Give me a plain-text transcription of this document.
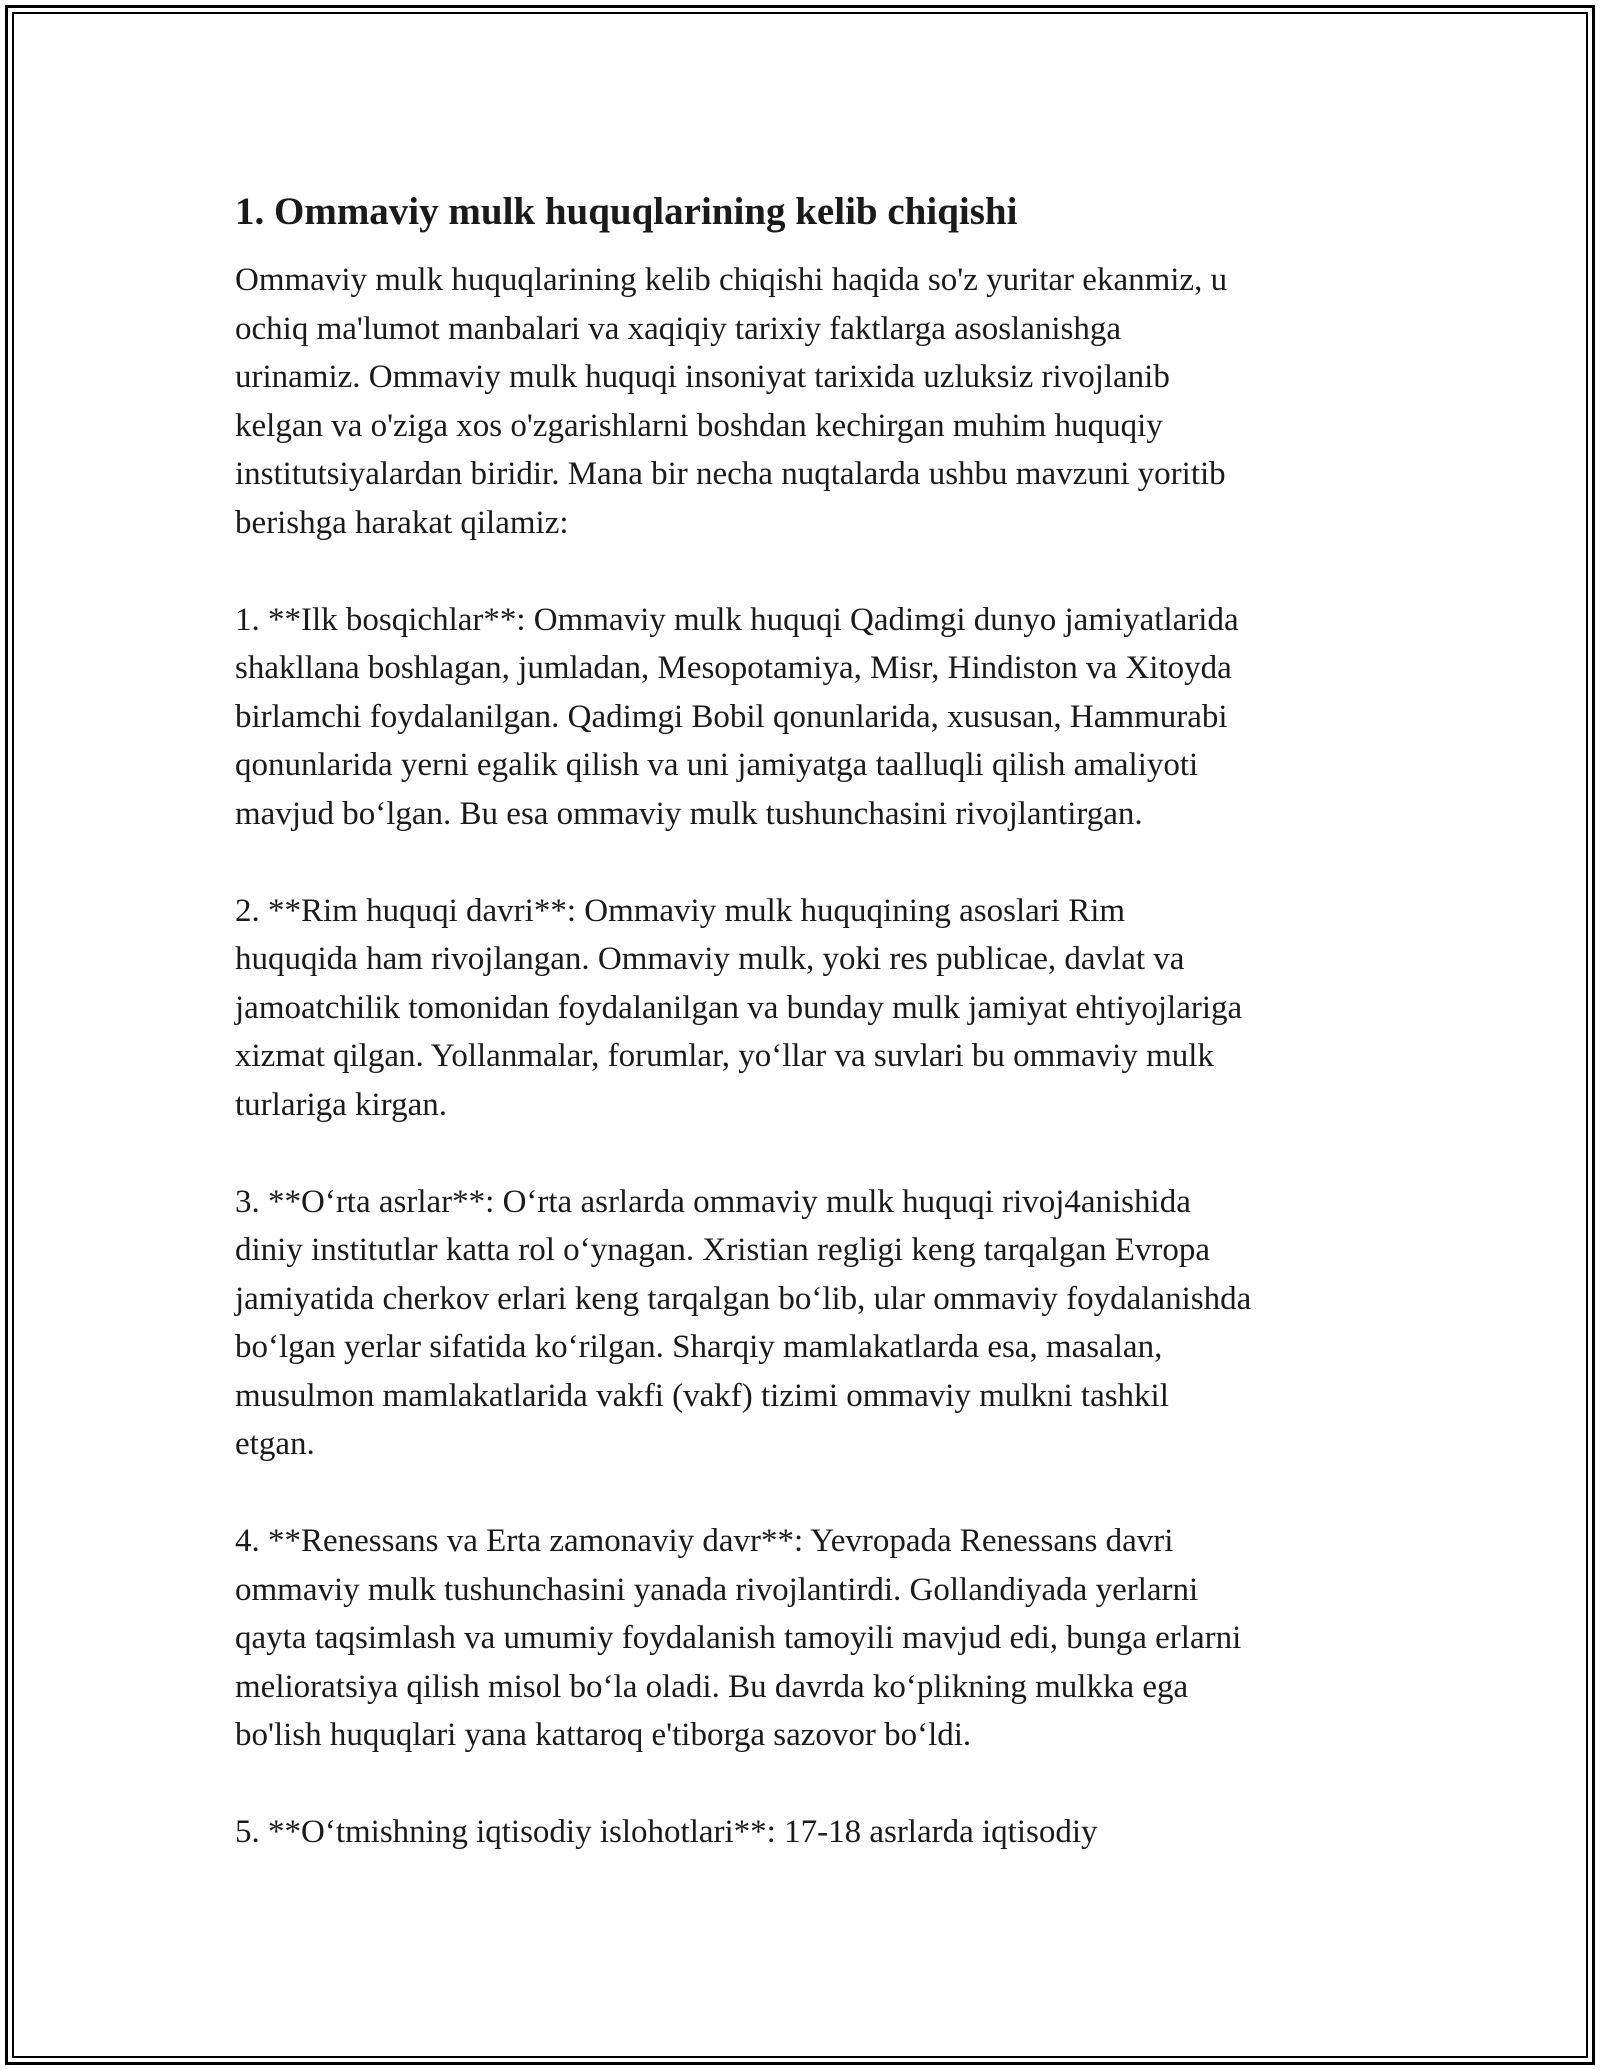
1. Ommaviy mulk huquqlarining kelib chiqishi

Ommaviy mulk huquqlarining kelib chiqishi haqida so'z yuritar ekanmiz, u
ochiq ma'lumot manbalari va xaqiqiy tarixiy faktlarga asoslanishga
urinamiz. Ommaviy mulk huquqi insoniyat tarixida uzluksiz rivojlanib
kelgan va o'ziga xos o'zgarishlarni boshdan kechirgan muhim huquqiy
institutsiyalardan biridir. Mana bir necha nuqtalarda ushbu mavzuni yoritib
berishga harakat qilamiz:

1. **Ilk bosqichlar**: Ommaviy mulk huquqi Qadimgi dunyo jamiyatlarida
shakllana boshlagan, jumladan, Mesopotamiya, Misr, Hindiston va Xitoyda
birlamchi foydalanilgan. Qadimgi Bobil qonunlarida, xususan, Hammurabi
qonunlarida yerni egalik qilish va uni jamiyatga taalluqli qilish amaliyoti
mavjud bo‘lgan. Bu esa ommaviy mulk tushunchasini rivojlantirgan.

2. **Rim huquqi davri**: Ommaviy mulk huquqining asoslari Rim
huquqida ham rivojlangan. Ommaviy mulk, yoki res publicae, davlat va
jamoatchilik tomonidan foydalanilgan va bunday mulk jamiyat ehtiyojlariga
xizmat qilgan. Yollanmalar, forumlar, yo‘llar va suvlari bu ommaviy mulk
turlariga kirgan.

3. **O‘rta asrlar**: O‘rta asrlarda ommaviy mulk huquqi rivoj4anishida
diniy institutlar katta rol o‘ynagan. Xristian regligi keng tarqalgan Evropa
jamiyatida cherkov erlari keng tarqalgan bo‘lib, ular ommaviy foydalanishda
bo‘lgan yerlar sifatida ko‘rilgan. Sharqiy mamlakatlarda esa, masalan,
musulmon mamlakatlarida vakfi (vakf) tizimi ommaviy mulkni tashkil
etgan.

4. **Renessans va Erta zamonaviy davr**: Yevropada Renessans davri
ommaviy mulk tushunchasini yanada rivojlantirdi. Gollandiyada yerlarni
qayta taqsimlash va umumiy foydalanish tamoyili mavjud edi, bunga erlarni
melioratsiya qilish misol bo‘la oladi. Bu davrda ko‘plikning mulkka ega
bo'lish huquqlari yana kattaroq e'tiborga sazovor bo‘ldi.

5. **O‘tmishning iqtisodiy islohotlari**: 17-18 asrlarda iqtisodiy
